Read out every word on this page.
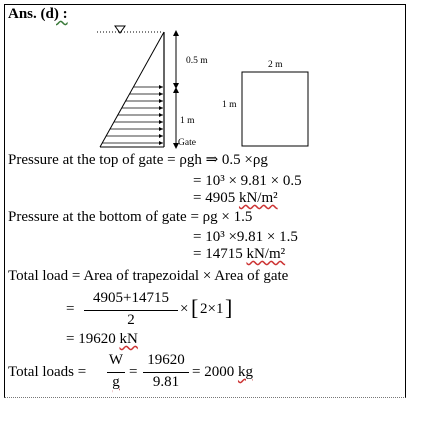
Ans. (d) :
0.5 m
1 m
Gate
2 m
1 m
Pressure at the top of gate = ρgh ⇒ 0.5 ×ρg
= 10³ × 9.81 × 0.5
= 4905 kN/m²
Pressure at the bottom of gate = ρg × 1.5
= 10³ ×9.81 × 1.5
= 14715 kN/m²
Total load = Area of trapezoidal × Area of gate
=
4905+14715
2
× [ 2×1 ]
= 19620 kN
Total loads =
W
g
=
19620
9.81
= 2000 kg
